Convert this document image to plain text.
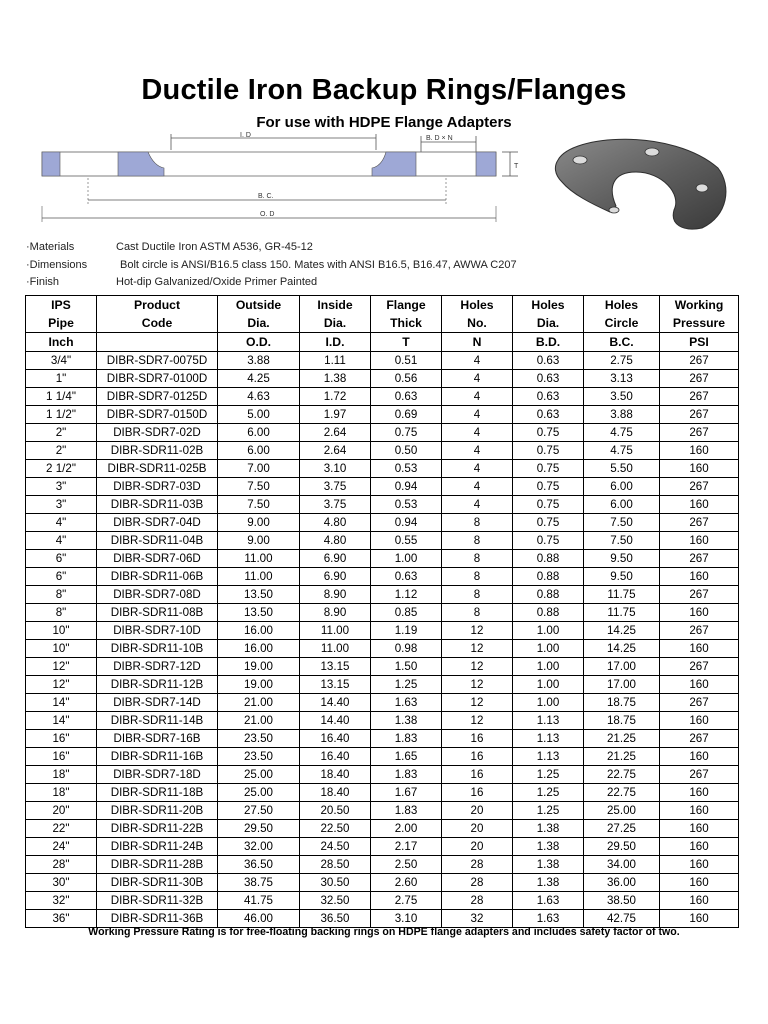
Ductile Iron Backup Rings/Flanges
For use with HDPE Flange Adapters
I. D	B. D × N
T
B. C.
O. D
·Materials	Cast Ductile Iron ASTM A536, GR-45-12
·Dimensions	Bolt circle is ANSI/B16.5 class 150. Mates with ANSI B16.5, B16.47, AWWA C207
·Finish	Hot-dip Galvanized/Oxide Primer Painted
IPS	Product	Outside	Inside	Flange	Holes	Holes	Holes	Working
Pipe	Code	Dia.	Dia.	Thick	No.	Dia.	Circle	Pressure
Inch		O.D.	I.D.	T	N	B.D.	B.C.	PSI
3/4"	DIBR-SDR7-0075D	3.88	1.11	0.51	4	0.63	2.75	267
1"	DIBR-SDR7-0100D	4.25	1.38	0.56	4	0.63	3.13	267
1 1/4"	DIBR-SDR7-0125D	4.63	1.72	0.63	4	0.63	3.50	267
1 1/2"	DIBR-SDR7-0150D	5.00	1.97	0.69	4	0.63	3.88	267
2"	DIBR-SDR7-02D	6.00	2.64	0.75	4	0.75	4.75	267
2"	DIBR-SDR11-02B	6.00	2.64	0.50	4	0.75	4.75	160
2 1/2"	DIBR-SDR11-025B	7.00	3.10	0.53	4	0.75	5.50	160
3"	DIBR-SDR7-03D	7.50	3.75	0.94	4	0.75	6.00	267
3"	DIBR-SDR11-03B	7.50	3.75	0.53	4	0.75	6.00	160
4"	DIBR-SDR7-04D	9.00	4.80	0.94	8	0.75	7.50	267
4"	DIBR-SDR11-04B	9.00	4.80	0.55	8	0.75	7.50	160
6"	DIBR-SDR7-06D	11.00	6.90	1.00	8	0.88	9.50	267
6"	DIBR-SDR11-06B	11.00	6.90	0.63	8	0.88	9.50	160
8"	DIBR-SDR7-08D	13.50	8.90	1.12	8	0.88	11.75	267
8"	DIBR-SDR11-08B	13.50	8.90	0.85	8	0.88	11.75	160
10"	DIBR-SDR7-10D	16.00	11.00	1.19	12	1.00	14.25	267
10"	DIBR-SDR11-10B	16.00	11.00	0.98	12	1.00	14.25	160
12"	DIBR-SDR7-12D	19.00	13.15	1.50	12	1.00	17.00	267
12"	DIBR-SDR11-12B	19.00	13.15	1.25	12	1.00	17.00	160
14"	DIBR-SDR7-14D	21.00	14.40	1.63	12	1.00	18.75	267
14"	DIBR-SDR11-14B	21.00	14.40	1.38	12	1.13	18.75	160
16"	DIBR-SDR7-16B	23.50	16.40	1.83	16	1.13	21.25	267
16"	DIBR-SDR11-16B	23.50	16.40	1.65	16	1.13	21.25	160
18"	DIBR-SDR7-18D	25.00	18.40	1.83	16	1.25	22.75	267
18"	DIBR-SDR11-18B	25.00	18.40	1.67	16	1.25	22.75	160
20"	DIBR-SDR11-20B	27.50	20.50	1.83	20	1.25	25.00	160
22"	DIBR-SDR11-22B	29.50	22.50	2.00	20	1.38	27.25	160
24"	DIBR-SDR11-24B	32.00	24.50	2.17	20	1.38	29.50	160
28"	DIBR-SDR11-28B	36.50	28.50	2.50	28	1.38	34.00	160
30"	DIBR-SDR11-30B	38.75	30.50	2.60	28	1.38	36.00	160
32"	DIBR-SDR11-32B	41.75	32.50	2.75	28	1.63	38.50	160
36"	DIBR-SDR11-36B	46.00	36.50	3.10	32	1.63	42.75	160
Working Pressure Rating is for free-floating backing rings on HDPE flange adapters and includes safety factor of two.
